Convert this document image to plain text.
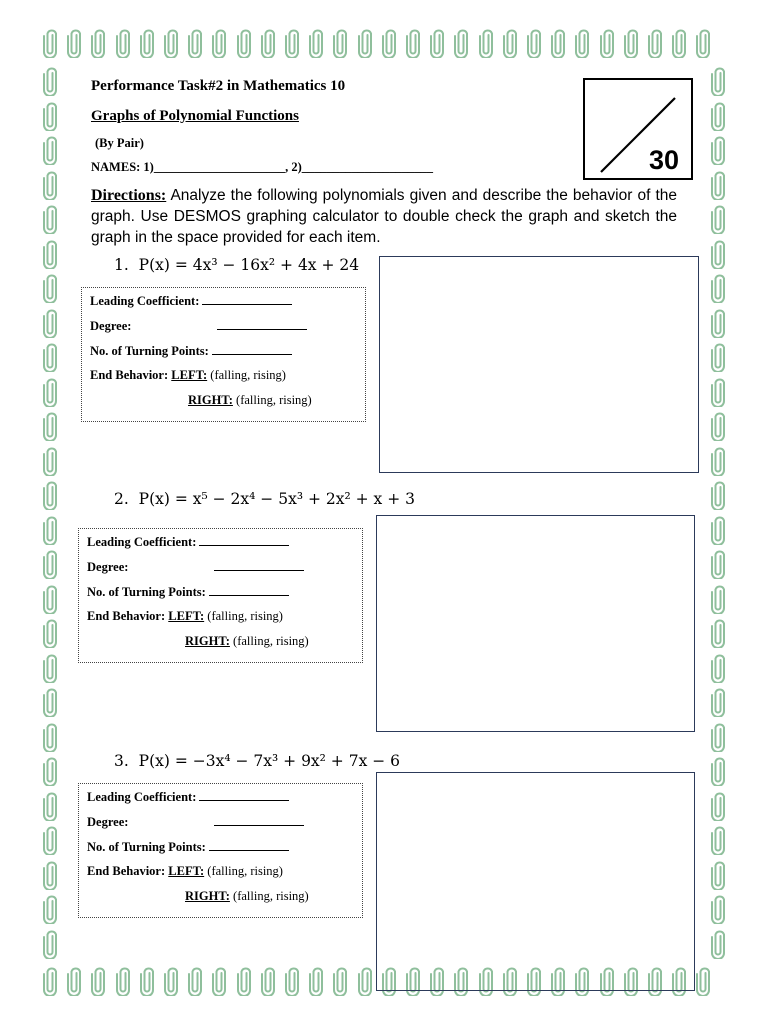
Performance Task#2 in Mathematics 10
Graphs of Polynomial Functions
(By Pair)
NAMES: 1)_____________________, 2)_____________________	30
Directions: Analyze the following polynomials given and describe the behavior of the graph. Use DESMOS graphing calculator to double check the graph and sketch the graph in the space provided for each item.
1. P(x) = 4x³ − 16x² + 4x + 24
Leading Coefficient:
Degree:
No. of Turning Points:
End Behavior: LEFT: (falling, rising)
RIGHT: (falling, rising)
2. P(x) = x⁵ − 2x⁴ − 5x³ + 2x² + x + 3
Leading Coefficient:
Degree:
No. of Turning Points:
End Behavior: LEFT: (falling, rising)
RIGHT: (falling, rising)
3. P(x) = −3x⁴ − 7x³ + 9x² + 7x − 6
Leading Coefficient:
Degree:
No. of Turning Points:
End Behavior: LEFT: (falling, rising)
RIGHT: (falling, rising)
